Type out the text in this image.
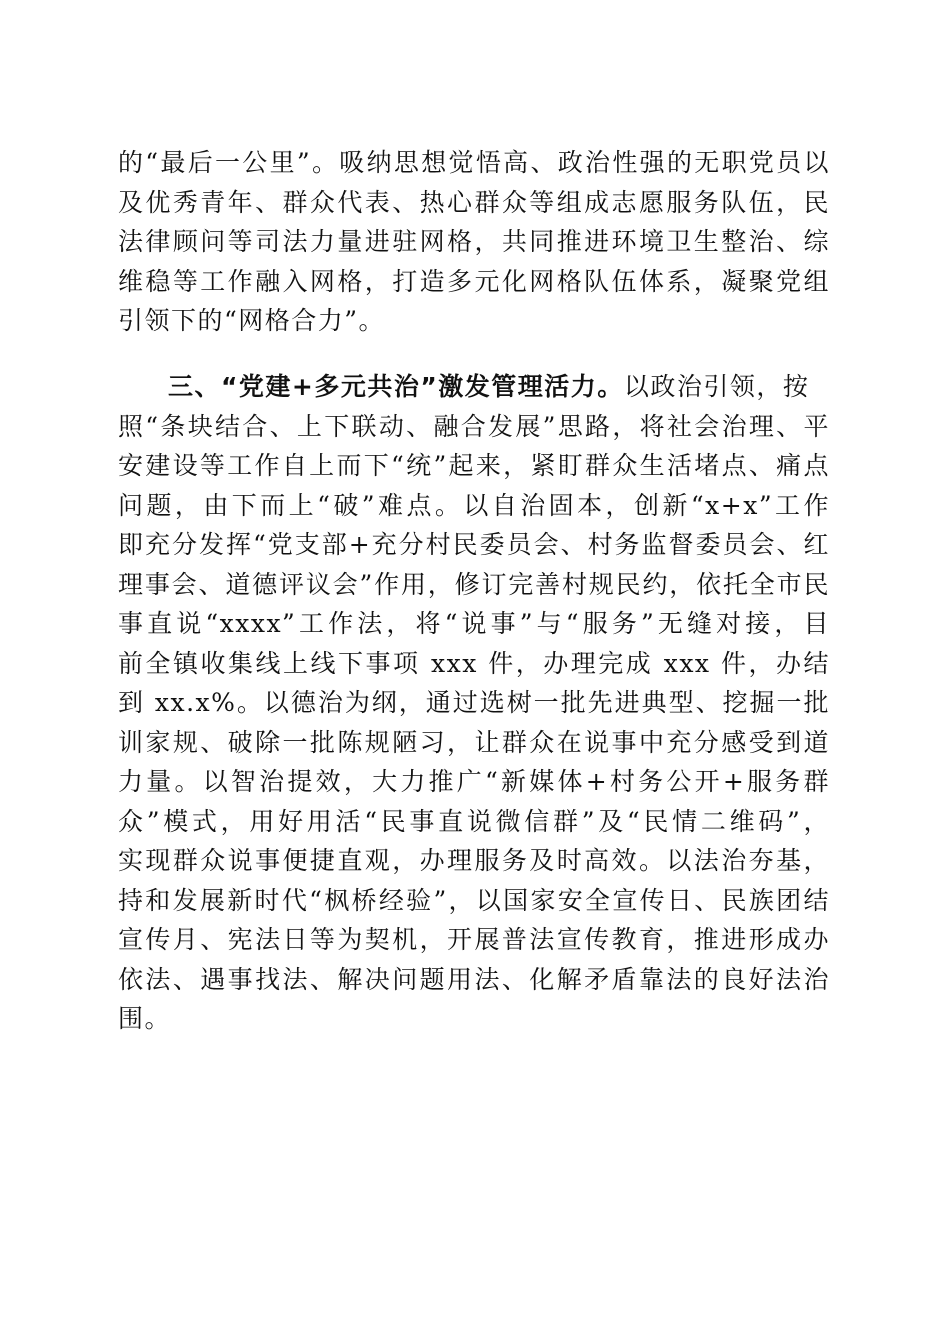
的“最后一公里”。吸纳思想觉悟高、政治性强的无职党员以
及优秀青年、群众代表、热心群众等组成志愿服务队伍，民
法律顾问等司法力量进驻网格，共同推进环境卫生整治、综
维稳等工作融入网格，打造多元化网格队伍体系，凝聚党组
引领下的“网格合力”。
三、“党建+多元共治”激发管理活力。以政治引领，按
照“条块结合、上下联动、融合发展”思路，将社会治理、平
安建设等工作自上而下“统”起来，紧盯群众生活堵点、痛点
问题，由下而上“破”难点。以自治固本，创新“x+x”工作
即充分发挥“党支部+充分村民委员会、村务监督委员会、红
理事会、道德评议会”作用，修订完善村规民约，依托全市民
事直说“xxxx”工作法，将“说事”与“服务”无缝对接，目
前全镇收集线上线下事项 xxx 件，办理完成 xxx 件，办结
到 xx.x%。以德治为纲，通过选树一批先进典型、挖掘一批
训家规、破除一批陈规陋习，让群众在说事中充分感受到道
力量。以智治提效，大力推广“新媒体+村务公开+服务群
众”模式，用好用活“民事直说微信群”及“民情二维码”，
实现群众说事便捷直观，办理服务及时高效。以法治夯基，
持和发展新时代“枫桥经验”，以国家安全宣传日、民族团结
宣传月、宪法日等为契机，开展普法宣传教育，推进形成办
依法、遇事找法、解决问题用法、化解矛盾靠法的良好法治
围。
